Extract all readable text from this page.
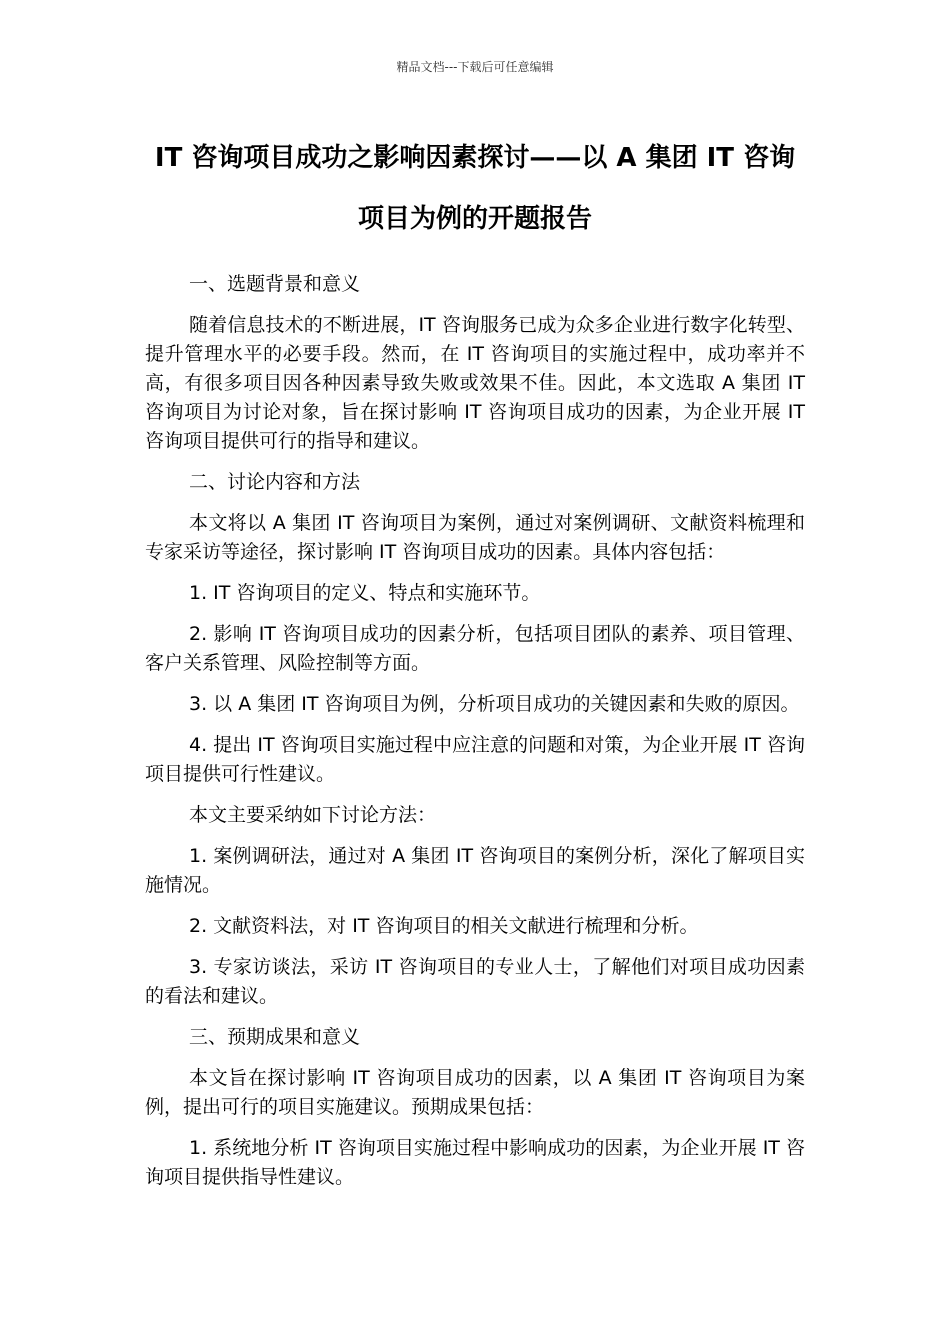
精品文档---下载后可任意编辑
IT 咨询项目成功之影响因素探讨——以 A 集团 IT 咨询项目为例的开题报告

一、选题背景和意义

随着信息技术的不断进展，IT 咨询服务已成为众多企业进行数字化转型、提升管理水平的必要手段。然而，在 IT 咨询项目的实施过程中，成功率并不高，有很多项目因各种因素导致失败或效果不佳。因此，本文选取 A 集团 IT 咨询项目为讨论对象，旨在探讨影响 IT 咨询项目成功的因素，为企业开展 IT 咨询项目提供可行的指导和建议。

二、讨论内容和方法

本文将以 A 集团 IT 咨询项目为案例，通过对案例调研、文献资料梳理和专家采访等途径，探讨影响 IT 咨询项目成功的因素。具体内容包括：

1. IT 咨询项目的定义、特点和实施环节。

2. 影响 IT 咨询项目成功的因素分析，包括项目团队的素养、项目管理、客户关系管理、风险控制等方面。

3. 以 A 集团 IT 咨询项目为例，分析项目成功的关键因素和失败的原因。

4. 提出 IT 咨询项目实施过程中应注意的问题和对策，为企业开展 IT 咨询项目提供可行性建议。

本文主要采纳如下讨论方法：

1. 案例调研法，通过对 A 集团 IT 咨询项目的案例分析，深化了解项目实施情况。

2. 文献资料法，对 IT 咨询项目的相关文献进行梳理和分析。

3. 专家访谈法，采访 IT 咨询项目的专业人士，了解他们对项目成功因素的看法和建议。

三、预期成果和意义

本文旨在探讨影响 IT 咨询项目成功的因素，以 A 集团 IT 咨询项目为案例，提出可行的项目实施建议。预期成果包括：

1. 系统地分析 IT 咨询项目实施过程中影响成功的因素，为企业开展 IT 咨询项目提供指导性建议。
